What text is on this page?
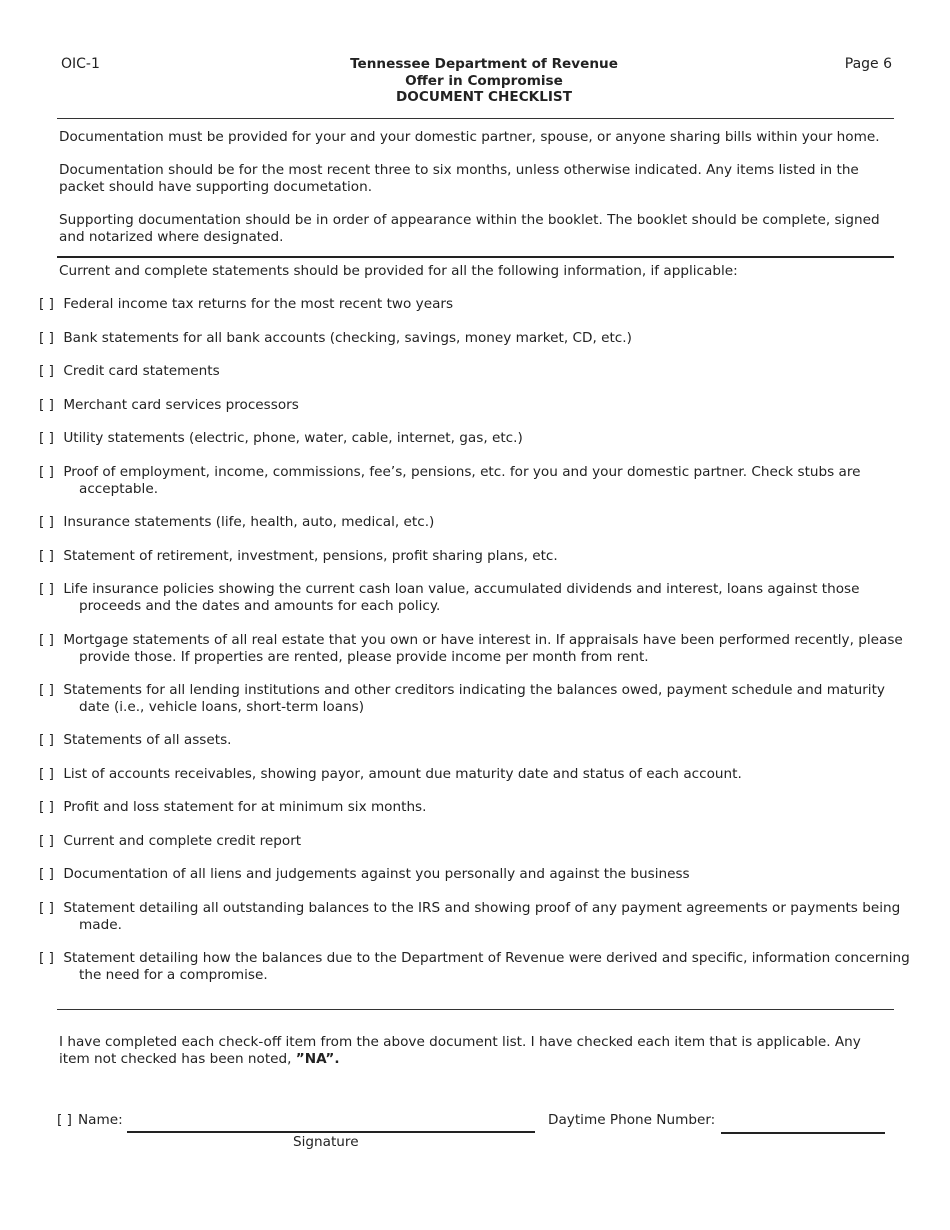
OIC-1	Tennessee Department of Revenue
Offer in Compromise
DOCUMENT CHECKLIST
Page 6
Documentation must be provided for your and your domestic partner, spouse, or anyone sharing bills within your home.
Documentation should be for the most recent three to six months, unless otherwise indicated. Any items listed in the packet should have supporting documetation.
Supporting documentation should be in order of appearance within the booklet. The booklet should be complete, signed and notarized where designated.
Current and complete statements should be provided for all the following information, if applicable:
[ ] Federal income tax returns for the most recent two years
[ ] Bank statements for all bank accounts (checking, savings, money market, CD, etc.)
[ ] Credit card statements
[ ] Merchant card services processors
[ ] Utility statements (electric, phone, water, cable, internet, gas, etc.)
[ ] Proof of employment, income, commissions, fee’s, pensions, etc. for you and your domestic partner. Check stubs are acceptable.
[ ] Insurance statements (life, health, auto, medical, etc.)
[ ] Statement of retirement, investment, pensions, profit sharing plans, etc.
[ ] Life insurance policies showing the current cash loan value, accumulated dividends and interest, loans against those proceeds and the dates and amounts for each policy.
[ ] Mortgage statements of all real estate that you own or have interest in. If appraisals have been performed recently, please provide those. If properties are rented, please provide income per month from rent.
[ ] Statements for all lending institutions and other creditors indicating the balances owed, payment schedule and maturity date (i.e., vehicle loans, short-term loans)
[ ] Statements of all assets.
[ ] List of accounts receivables, showing payor, amount due maturity date and status of each account.
[ ] Profit and loss statement for at minimum six months.
[ ] Current and complete credit report
[ ] Documentation of all liens and judgements against you personally and against the business
[ ] Statement detailing all outstanding balances to the IRS and showing proof of any payment agreements or payments being made.
[ ] Statement detailing how the balances due to the Department of Revenue were derived and specific, information concerning the need for a compromise.
I have completed each check-off item from the above document list. I have checked each item that is applicable. Any item not checked has been noted, ”NA”.
[ ] Name:
Signature
Daytime Phone Number:
